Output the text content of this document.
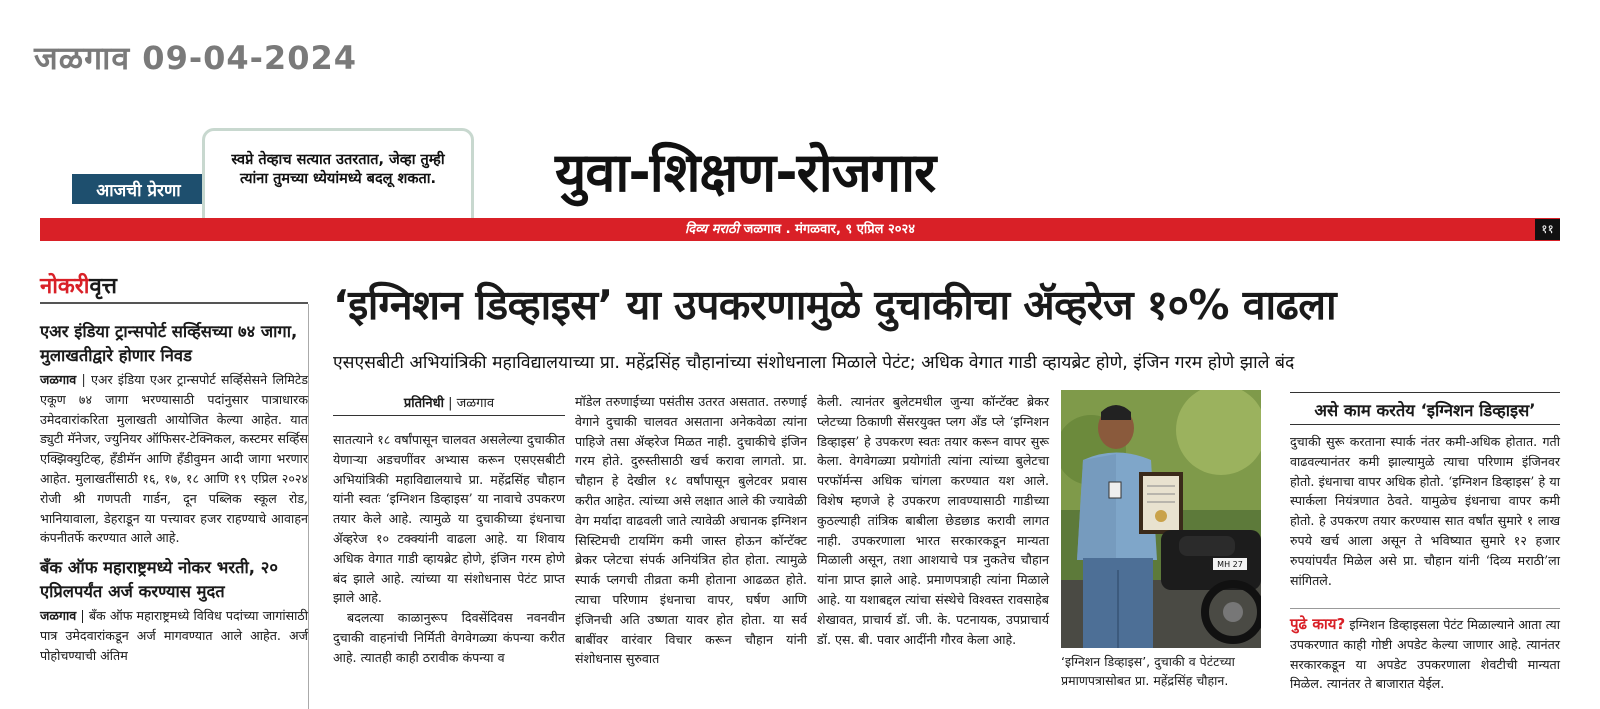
जळगाव 09-04-2024
आजची प्रेरणा
स्वप्ने तेव्हाच सत्यात उतरतात, जेव्हा तुम्ही त्यांना तुमच्या ध्येयांमध्ये बदलू शकता.	युवा-शिक्षण-रोजगार
दिव्य मराठी जळगाव . मंगळवार, ९ एप्रिल २०२४	११
नोकरीवृत्त

एअर इंडिया ट्रान्सपोर्ट सर्व्हिसच्या ७४ जागा, मुलाखतीद्वारे होणार निवड

जळगाव | एअर इंडिया एअर ट्रान्सपोर्ट सर्व्हिसेसने लिमिटेड एकूण ७४ जागा भरण्यासाठी पदांनुसार पात्राधारक उमेदवारांकरिता मुलाखती आयोजित केल्या आहेत. यात ड्युटी मॅनेजर, ज्युनियर ऑफिसर-टेक्निकल, कस्टमर सर्व्हिस एक्झिक्युटिव्ह, हँडीमॅन आणि हँडीवुमन आदी जागा भरणार आहेत. मुलाखतींसाठी १६, १७, १८ आणि १९ एप्रिल २०२४ रोजी श्री गणपती गार्डन, दून पब्लिक स्कूल रोड, भानियावाला, डेहराडून या पत्त्यावर हजर राहण्याचे आवाहन कंपनीतर्फे करण्यात आले आहे.

बँक ऑफ महाराष्ट्रमध्ये नोकर भरती, २० एप्रिलपर्यंत अर्ज करण्यास मुदत

जळगाव | बँक ऑफ महाराष्ट्रमध्ये विविध पदांच्या जागांसाठी पात्र उमेदवारांकडून अर्ज मागवण्यात आले आहेत. अर्ज पोहोचण्याची अंतिम

‘इग्निशन डिव्हाइस’ या उपकरणामुळे दुचाकीचा ॲव्हरेज १०% वाढला
एसएसबीटी अभियांत्रिकी महाविद्यालयाच्या प्रा. महेंद्रसिंह चौहानांच्या संशोधनाला मिळाले पेटंट; अधिक वेगात गाडी व्हायब्रेट होणे, इंजिन गरम होणे झाले बंद
प्रतिनिधी | जळगाव

सातत्याने १८ वर्षांपासून चालवत असलेल्या दुचाकीत येणाऱ्या अडचणींवर अभ्यास करून एसएसबीटी अभियांत्रिकी महाविद्यालयाचे प्रा. महेंद्रसिंह चौहान यांनी स्वतः ‘इग्निशन डिव्हाइस’ या नावाचे उपकरण तयार केले आहे. त्यामुळे या दुचाकीच्या इंधनाचा ॲव्हरेज १० टक्क्यांनी वाढला आहे. या शिवाय अधिक वेगात गाडी व्हायब्रेट होणे, इंजिन गरम होणे बंद झाले आहे. त्यांच्या या संशोधनास पेटंट प्राप्त झाले आहे.

बदलत्या काळानुरूप दिवसेंदिवस नवनवीन दुचाकी वाहनांची निर्मिती वेगवेगळ्या कंपन्या करीत आहे. त्यातही काही ठरावीक कंपन्या व

मॉडेल तरुणाईच्या पसंतीस उतरत असतात. तरुणाई वेगाने दुचाकी चालवत असताना अनेकवेळा त्यांना पाहिजे तसा ॲव्हरेज मिळत नाही. दुचाकीचे इंजिन गरम होते. दुरुस्तीसाठी खर्च करावा लागतो. प्रा. चौहान हे देखील १८ वर्षांपासून बुलेटवर प्रवास करीत आहेत. त्यांच्या असे लक्षात आले की ज्यावेळी वेग मर्यादा वाढवली जाते त्यावेळी अचानक इग्निशन सिस्टिमची टायमिंग कमी जास्त होऊन कॉन्टॅक्ट ब्रेकर प्लेटचा संपर्क अनियंत्रित होत होता. त्यामुळे स्पार्क प्लगची तीव्रता कमी होताना आढळत होते. त्याचा परिणाम इंधनाचा वापर, घर्षण आणि इंजिनची अति उष्णता यावर होत होता. या सर्व बाबींवर वारंवार विचार करून चौहान यांनी संशोधनास सुरुवात

केली. त्यानंतर बुलेटमधील जुन्या कॉन्टॅक्ट ब्रेकर प्लेटच्या ठिकाणी सेंसरयुक्त प्लग अँड प्ले ‘इग्निशन डिव्हाइस’ हे उपकरण स्वतः तयार करून वापर सुरू केला. वेगवेगळ्या प्रयोगांती त्यांना त्यांच्या बुलेटचा परफॉर्मन्स अधिक चांगला करण्यात यश आले. विशेष म्हणजे हे उपकरण लावण्यासाठी गाडीच्या कुठल्याही तांत्रिक बाबीला छेडछाड करावी लागत नाही. उपकरणाला भारत सरकारकडून मान्यता मिळाली असून, तशा आशयाचे पत्र नुकतेच चौहान यांना प्राप्त झाले आहे. प्रमाणपत्राही त्यांना मिळाले आहे. या यशाबद्दल त्यांचा संस्थेचे विश्वस्त रावसाहेब शेखावत, प्राचार्य डॉ. जी. के. पटनायक, उपप्राचार्य डॉ. एस. बी. पवार आदींनी गौरव केला आहे.

MH 27
‘इग्निशन डिव्हाइस’, दुचाकी व पेटंटच्या प्रमाणपत्रासोबत प्रा. महेंद्रसिंह चौहान.
असे काम करतेय ‘इग्निशन डिव्हाइस’

दुचाकी सुरू करताना स्पार्क नंतर कमी-अधिक होतात. गती वाढवल्यानंतर कमी झाल्यामुळे त्याचा परिणाम इंजिनवर होतो. इंधनाचा वापर अधिक होतो. ‘इग्निशन डिव्हाइस’ हे या स्पार्कला नियंत्रणात ठेवते. यामुळेच इंधनाचा वापर कमी होतो. हे उपकरण तयार करण्यास सात वर्षांत सुमारे १ लाख रुपये खर्च आला असून ते भविष्यात सुमारे १२ हजार रुपयांपर्यंत मिळेल असे प्रा. चौहान यांनी ‘दिव्य मराठी’ला सांगितले.

पुढे काय? इग्निशन डिव्हाइसला पेटंट मिळाल्याने आता त्या उपकरणात काही गोष्टी अपडेट केल्या जाणार आहे. त्यानंतर सरकारकडून या अपडेट उपकरणाला शेवटीची मान्यता मिळेल. त्यानंतर ते बाजारात येईल.
